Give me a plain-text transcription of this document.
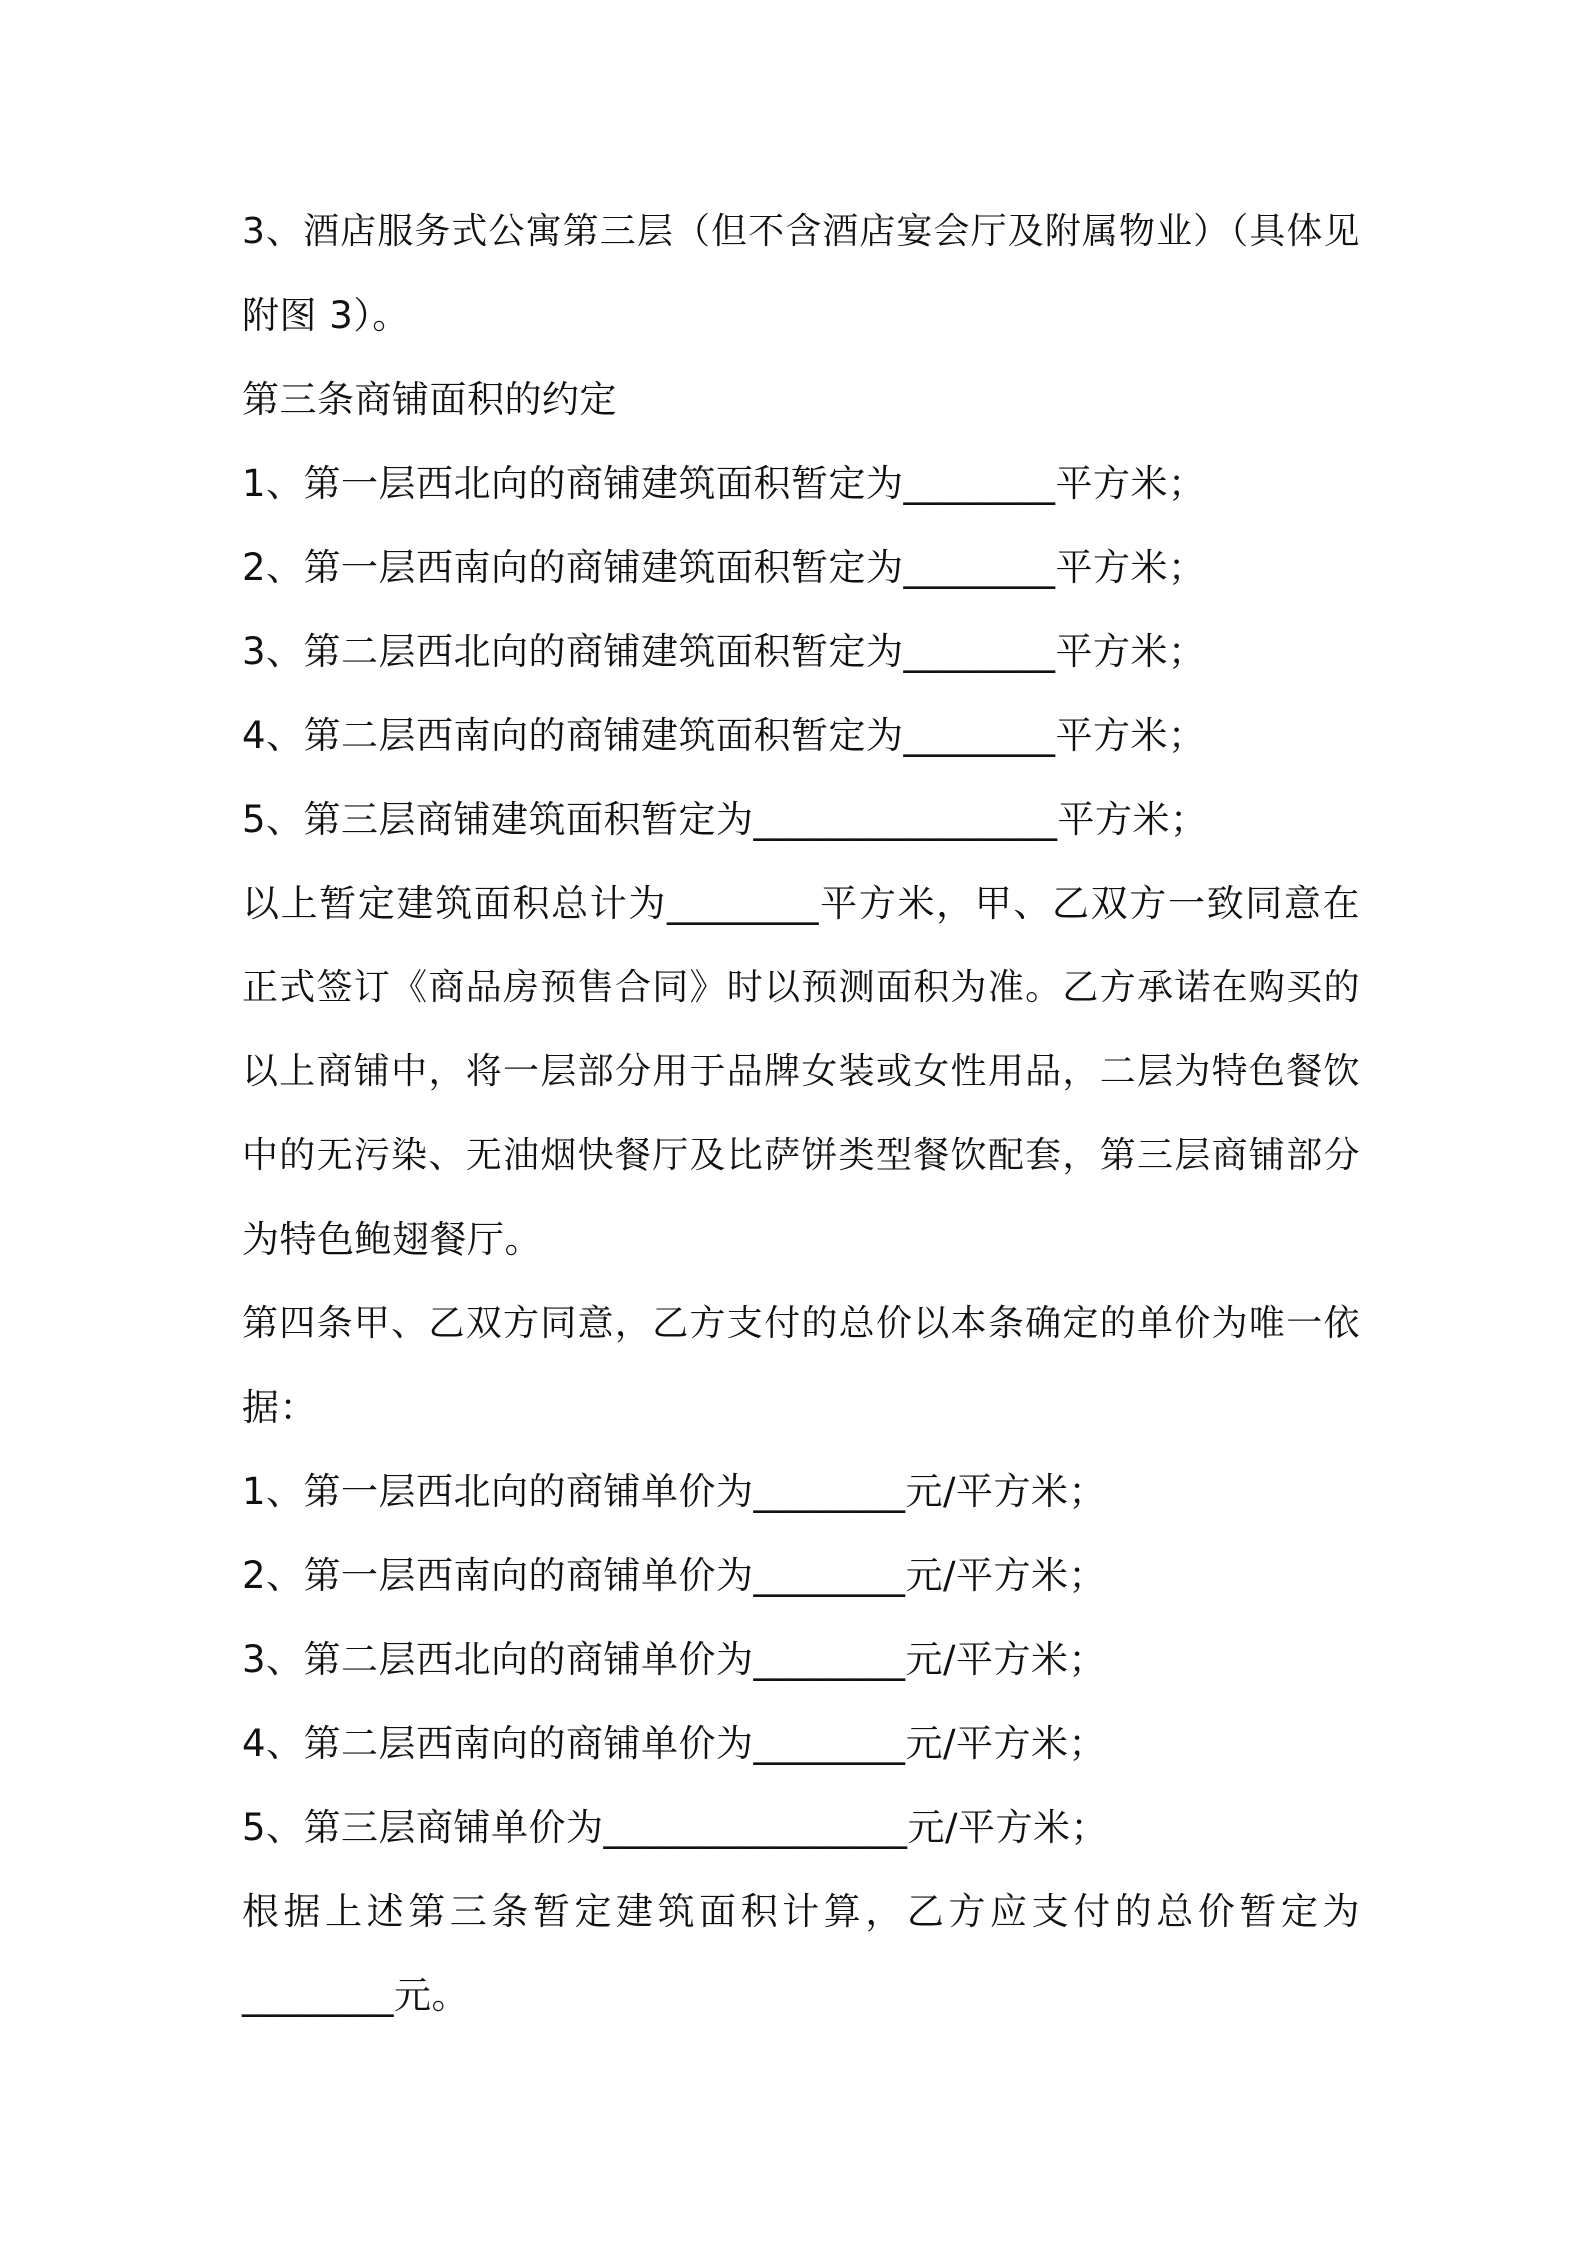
3、酒店服务式公寓第三层（但不含酒店宴会厅及附属物业）（具体见
附图 3）。
第三条商铺面积的约定
1、第一层西北向的商铺建筑面积暂定为________平方米；
2、第一层西南向的商铺建筑面积暂定为________平方米；
3、第二层西北向的商铺建筑面积暂定为________平方米；
4、第二层西南向的商铺建筑面积暂定为________平方米；
5、第三层商铺建筑面积暂定为________________平方米；
以上暂定建筑面积总计为________平方米，甲、乙双方一致同意在
正式签订《商品房预售合同》时以预测面积为准。乙方承诺在购买的
以上商铺中，将一层部分用于品牌女装或女性用品，二层为特色餐饮
中的无污染、无油烟快餐厅及比萨饼类型餐饮配套，第三层商铺部分
为特色鲍翅餐厅。
第四条甲、乙双方同意，乙方支付的总价以本条确定的单价为唯一依
据：
1、第一层西北向的商铺单价为________元/平方米；
2、第一层西南向的商铺单价为________元/平方米；
3、第二层西北向的商铺单价为________元/平方米；
4、第二层西南向的商铺单价为________元/平方米；
5、第三层商铺单价为________________元/平方米；
根据上述第三条暂定建筑面积计算，乙方应支付的总价暂定为
________元。
